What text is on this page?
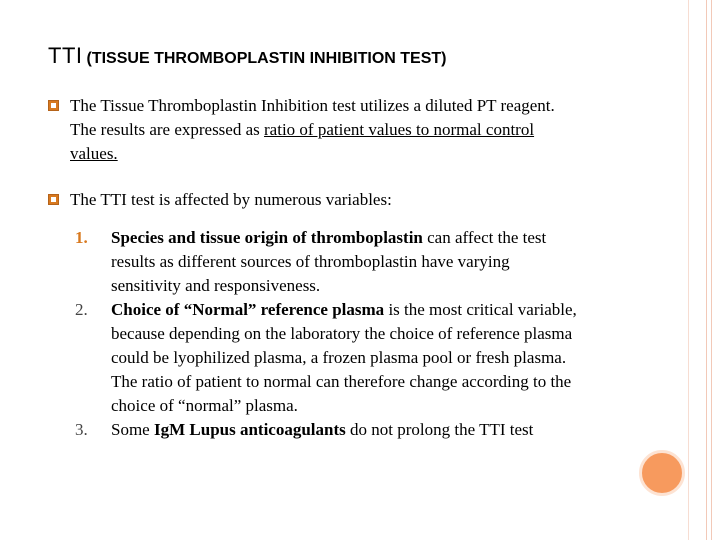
TTI (TISSUE THROMBOPLASTIN INHIBITION TEST)
The Tissue Thromboplastin Inhibition test utilizes a diluted PT reagent.
The results are expressed as ratio of patient values to normal control
values.
The TTI test is affected by numerous variables:
1. Species and tissue origin of thromboplastin can affect the test
results as different sources of thromboplastin have varying
sensitivity and responsiveness.
2. Choice of “Normal” reference plasma is the most critical variable,
because depending on the laboratory the choice of reference plasma
could be lyophilized plasma, a frozen plasma pool or fresh plasma.
The ratio of patient to normal can therefore change according to the
choice of “normal” plasma.
3. Some IgM Lupus anticoagulants do not prolong the TTI test
